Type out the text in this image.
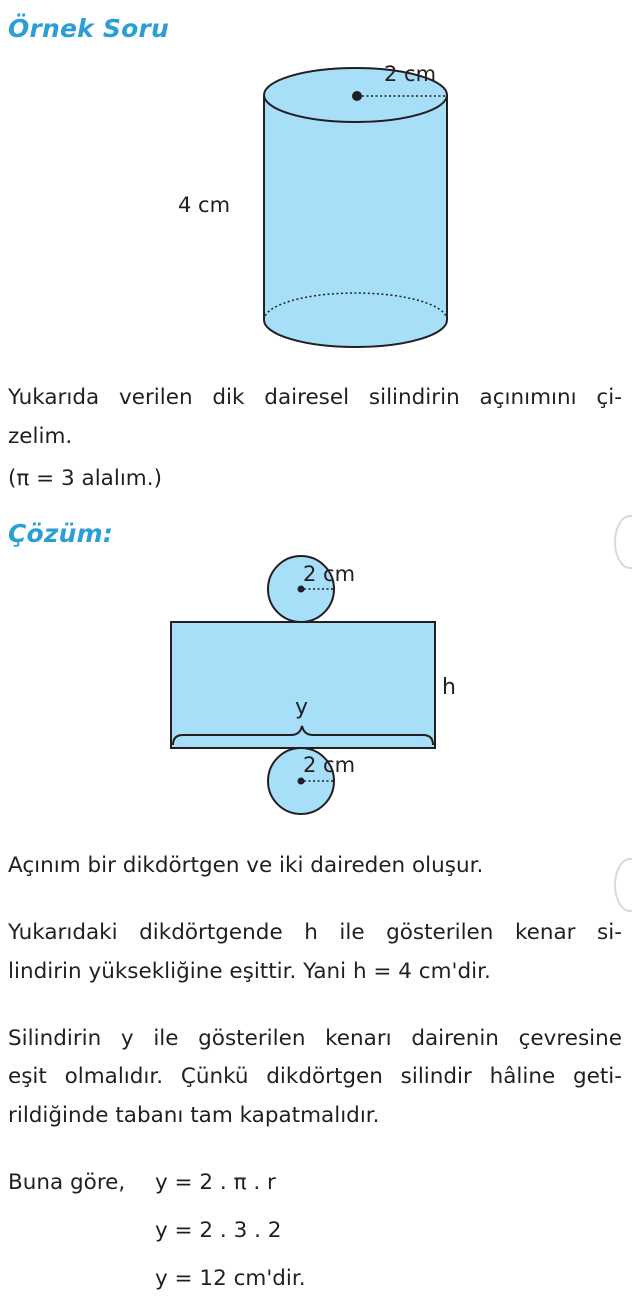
Örnek Soru
2 cm
4 cm
2 cm
2 cm
h
y
Yukarıda verilen dik dairesel silindirin açınımını çi-
zelim.
(π = 3 alalım.)
Çözüm:
Açınım bir dikdörtgen ve iki daireden oluşur.
Yukarıdaki dikdörtgende h ile gösterilen kenar si-
lindirin yüksekliğine eşittir. Yani h = 4 cm'dir.
Silindirin y ile gösterilen kenarı dairenin çevresine
eşit olmalıdır. Çünkü dikdörtgen silindir hâline geti-
rildiğinde tabanı tam kapatmalıdır.
Buna göre, y = 2 . π . r
y = 2 . 3 . 2
y = 12 cm'dir.
